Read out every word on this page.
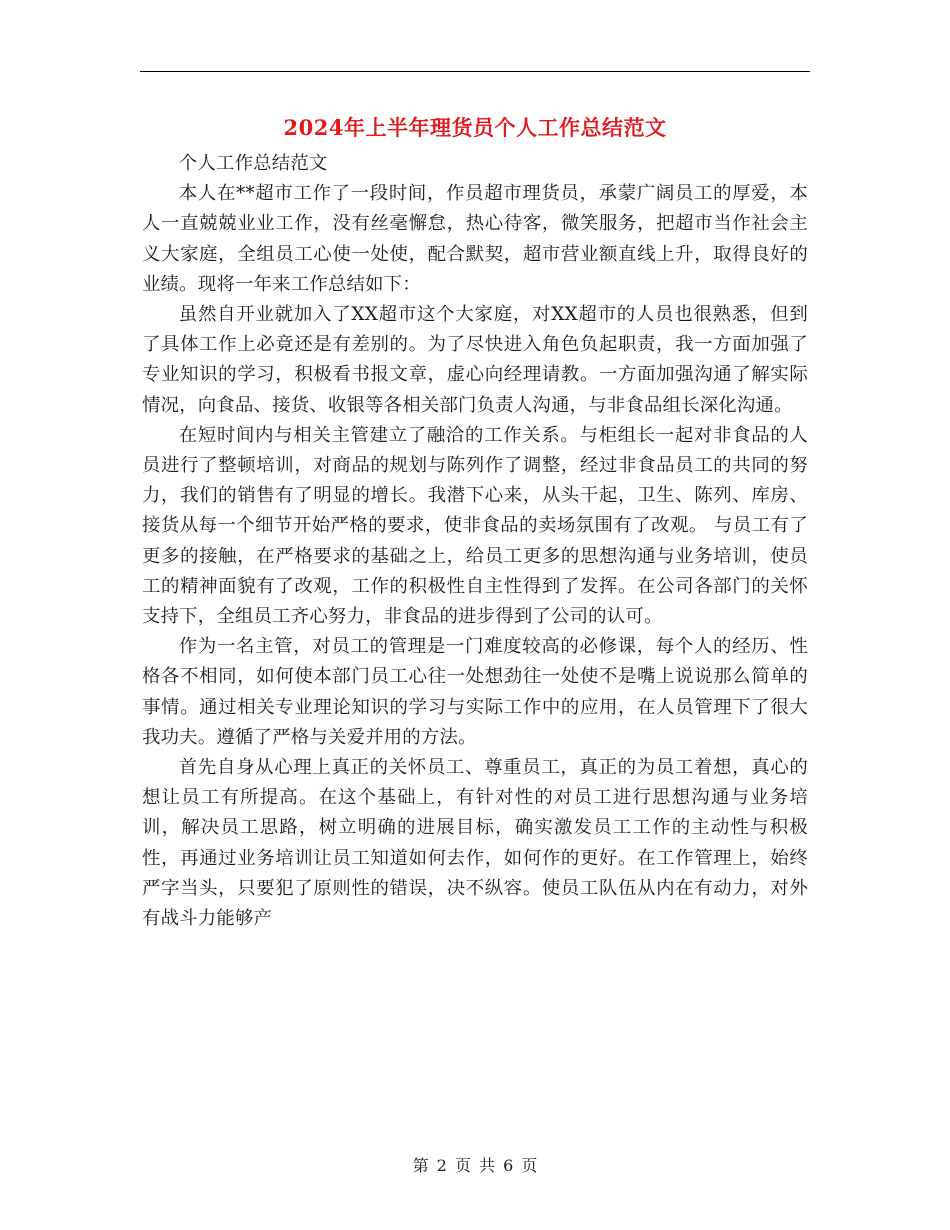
2024年上半年理货员个人工作总结范文

个人工作总结范文

本人在**超市工作了一段时间，作员超市理货员，承蒙广阔员工的厚爱，本人一直兢兢业业工作，没有丝毫懈怠，热心待客，微笑服务，把超市当作社会主义大家庭，全组员工心使一处使，配合默契，超市营业额直线上升，取得良好的业绩。现将一年来工作总结如下：

虽然自开业就加入了XX超市这个大家庭，对XX超市的人员也很熟悉，但到了具体工作上必竟还是有差别的。为了尽快进入角色负起职责，我一方面加强了专业知识的学习，积极看书报文章，虚心向经理请教。一方面加强沟通了解实际情况，向食品、接货、收银等各相关部门负责人沟通，与非食品组长深化沟通。

在短时间内与相关主管建立了融洽的工作关系。与柜组长一起对非食品的人员进行了整顿培训，对商品的规划与陈列作了调整，经过非食品员工的共同的努力，我们的销售有了明显的增长。我潜下心来，从头干起，卫生、陈列、库房、接货从每一个细节开始严格的要求，使非食品的卖场氛围有了改观。 与员工有了更多的接触，在严格要求的基础之上，给员工更多的思想沟通与业务培训，使员工的精神面貌有了改观，工作的积极性自主性得到了发挥。在公司各部门的关怀支持下，全组员工齐心努力，非食品的进步得到了公司的认可。

作为一名主管，对员工的管理是一门难度较高的必修课，每个人的经历、性格各不相同，如何使本部门员工心往一处想劲往一处使不是嘴上说说那么简单的事情。通过相关专业理论知识的学习与实际工作中的应用，在人员管理下了很大我功夫。遵循了严格与关爱并用的方法。

首先自身从心理上真正的关怀员工、尊重员工，真正的为员工着想，真心的想让员工有所提高。在这个基础上，有针对性的对员工进行思想沟通与业务培训，解决员工思路，树立明确的进展目标，确实激发员工工作的主动性与积极性，再通过业务培训让员工知道如何去作，如何作的更好。在工作管理上，始终严字当头，只要犯了原则性的错误，决不纵容。使员工队伍从内在有动力，对外有战斗力能够产

第 2 页 共 6 页
